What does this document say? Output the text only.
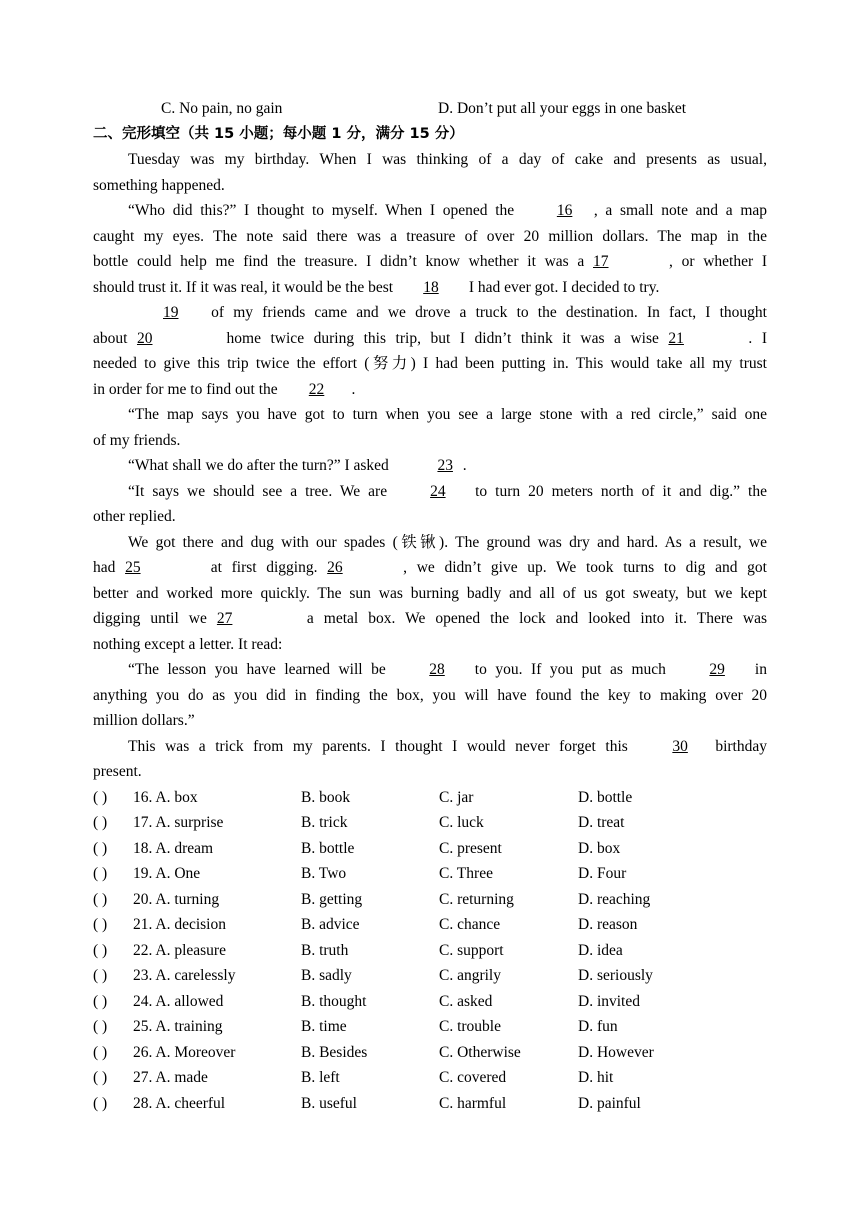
C. No pain, no gain	D. Don’t put all your eggs in one basket
二、完形填空（共 15 小题；每小题 1 分，满分 15 分）
Tuesday was my birthday. When I was thinking of a day of cake and presents as usual,
something happened.
“Who did this?” I thought to myself. When I opened the 16 , a small note and a map
caught my eyes. The note said there was a treasure of over 20 million dollars. The map in the
bottle could help me find the treasure. I didn’t know whether it was a 17	, or whether I
should trust it. If it was real, it would be the best 18 I had ever got. I decided to try.
19 of my friends came and we drove a truck to the destination. In fact, I thought
about 20	home twice during this trip, but I didn’t think it was a wise 21	. I
needed to give this trip twice the effort (努力) I had been putting in. This would take all my trust
in order for me to find out the 22 .
“The map says you have got to turn when you see a large stone with a red circle,” said one
of my friends.
“What shall we do after the turn?” I asked	23 .
“It says we should see a tree. We are 24 to turn 20 meters north of it and dig.” the
other replied.
We got there and dug with our spades (铁锹). The ground was dry and hard. As a result, we
had 25	at first digging. 26	, we didn’t give up. We took turns to dig and got
better and worked more quickly. The sun was burning badly and all of us got sweaty, but we kept
digging until we 27	a metal box. We opened the lock and looked into it. There was
nothing except a letter. It read:
“The lesson you have learned will be 28 to you. If you put as much 29 in
anything you do as you did in finding the box, you will have found the key to making over 20
million dollars.”
This was a trick from my parents. I thought I would never forget this 30 birthday
present.
( ) 16. A. box	B. book	C. jar	D. bottle
( ) 17. A. surprise	B. trick	C. luck	D. treat
( ) 18. A. dream	B. bottle	C. present	D. box
( ) 19. A. One	B. Two	C. Three	D. Four
( ) 20. A. turning	B. getting	C. returning	D. reaching
( ) 21. A. decision	B. advice	C. chance	D. reason
( ) 22. A. pleasure	B. truth	C. support	D. idea
( ) 23. A. carelessly	B. sadly	C. angrily	D. seriously
( ) 24. A. allowed	B. thought	C. asked	D. invited
( ) 25. A. training	B. time	C. trouble	D. fun
( ) 26. A. Moreover	B. Besides	C. Otherwise	D. However
( ) 27. A. made	B. left	C. covered	D. hit
( ) 28. A. cheerful	B. useful	C. harmful	D. painful
